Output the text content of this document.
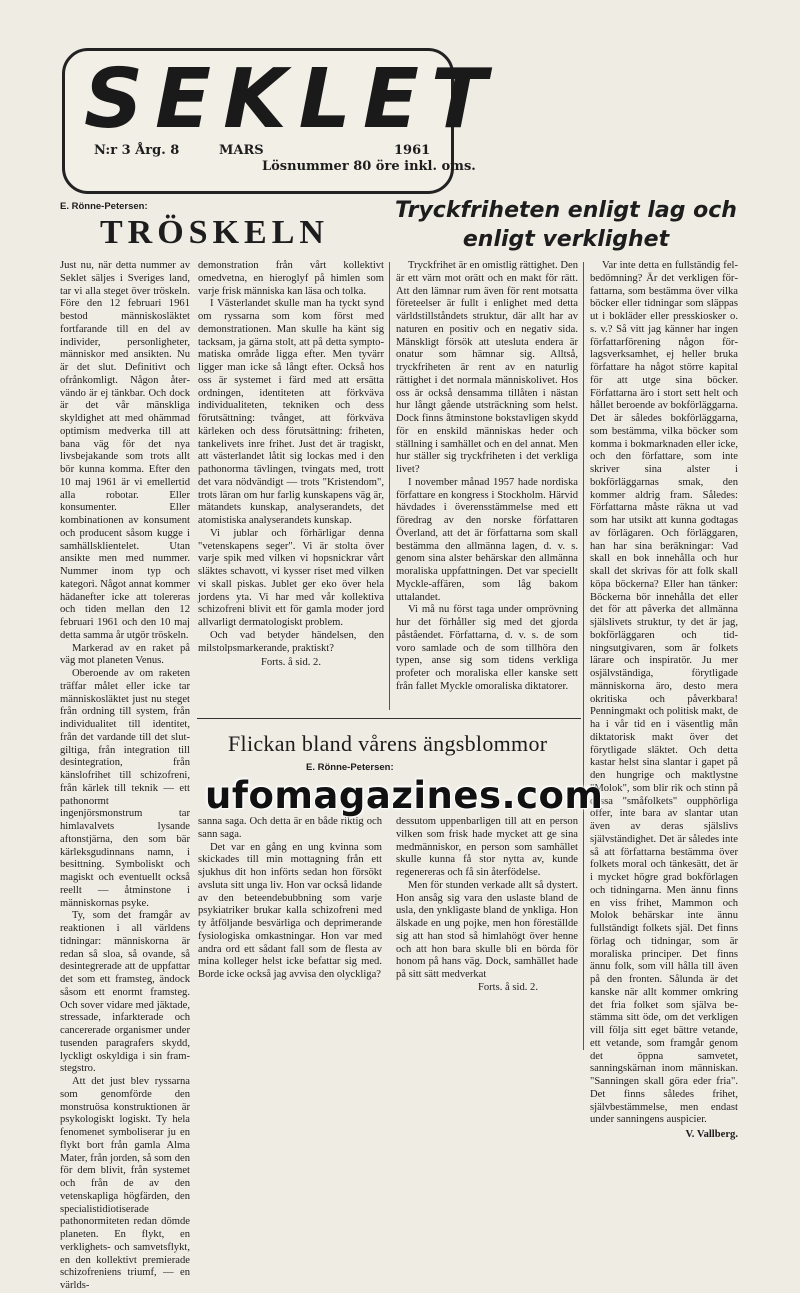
SEKLET
N:r 3 Årg. 8	MARS	1961
Lösnummer 80 öre inkl. oms.
E. Rönne-Petersen:
TRÖSKELN
Tryckfriheten enligt lag och enligt verklighet

Just nu, när detta nummer av Seklet säljes i Sveriges land, tar vi alla steget över tröskeln. Före den 12 februari 1961 bestod människosläktet fortfarande till en del av individer, personligheter, människor med ansikten. Nu är det slut. Definitivt och ofrånkomligt. Någon återvändo är ej tänkbar. Och dock är det vår mänskliga skyldighet att med ohämmad optimism medverka till att bana väg för det nya livsbejakande som trots allt bör kunna komma. Efter den 10 maj 1961 är vi emellertid alla robotar. Eller konsumenter. Eller kombinationen av konsument och producent såsom kugge i samhällsklientelet. Utan ansikte men med nummer. Nummer inom typ och kategori. Något annat kommer hädanefter icke att tolereras och tiden mellan den 12 februari 1961 och den 10 maj detta samma år utgör tröskeln.

Markerad av en raket på väg mot planeten Venus.

Oberoende av om raketen träffar målet eller icke tar människosläktet just nu steget från ordning till system, från individualitet till identitet, från det vardande till det slutgiltiga, från integration till desintegration, från känslofrihet till schizofreni, från kärlek till teknik — ett pathonormt ingenjörsmonstrum tar himlavalvets lysande aftonstjärna, den som bär kärleksgudinnans namn, i besittning. Symboliskt och magiskt och eventuellt också reellt — åtminstone i människornas psyke.

Ty, som det framgår av reaktionen i all världens tidningar: människorna är redan så sloa, så ovande, så desintegrerade att de uppfattar det som ett framsteg, ändock såsom ett enormt framsteg. Och sover vidare med jäktade, stressade, infarkterade och cancererade organismer under tusenden paragrafers skydd, lyckligt oskyldiga i sin framstegstro.

Att det just blev ryssarna som genomförde den monstruösa konstruktionen är psykologiskt logiskt. Ty hela fenomenet symboliserar ju en flykt bort från gamla Alma Mater, från jorden, så som den för dem blivit, från systemet och från de av den vetenskapliga högfärden, den specialistidiotiserade pathonormiteten redan dömde planeten. En flykt, en verklighets- och samvetsflykt, en den kollektivt premierade schizofreniens triumf, — en världs-

demonstration från vårt kollektivt omedvetna, en hieroglyf på himlen som varje frisk människa kan läsa och tolka.

I Västerlandet skulle man ha tyckt synd om ryssarna som kom först med demonstrationen. Man skulle ha känt sig tacksam, ja gärna stolt, att på detta symptomatiska område ligga efter. Men tyvärr ligger man icke så långt efter. Också hos oss är systemet i färd med att ersätta ordningen, identiteten att förkväva individualiteten, tekniken och dess förutsättning: tvånget, att förkväva kärleken och dess förutsättning: friheten, tankelivets inre frihet. Just det är tragiskt, att västerlandet låtit sig lockas med i den pathonorma tävlingen, tvingats med, trott det vara nödvändigt — trots "Kristendom", trots läran om hur farlig kunskapens väg är, mätandets kunskap, analyserandets, det atomistiska analyserandets kunskap.

Vi jublar och förhärligar denna "vetenskapens seger". Vi är stolta över varje spik med vilken vi hopsnickrar vårt släktes schavott, vi kysser riset med vilken vi skall piskas. Jublet ger eko över hela jordens yta. Vi har med vår kollektiva schizofreni blivit ett för gamla moder jord allvarligt dermatologiskt problem.

Och vad betyder händelsen, den milstolpsmarkerande, praktiskt?

Forts. å sid. 2.

Tryckfrihet är en omistlig rättighet. Den är ett värn mot orätt och en makt för rätt. Att den lämnar rum även för rent motsatta företeelser är fullt i enlighet med detta världstillståndets struktur, där allt har av naturen en positiv och en negativ sida. Mänskligt försök att utesluta endera är onatur som hämnar sig. Alltså, tryckfriheten är rent av en naturlig rättighet i det normala människolivet. Hos oss är också densamma tillåten i nästan hur långt gående utsträckning som helst. Dock finns åtminstone bokstavligen skydd för en enskild människas heder och ställning i samhället och en del annat. Men hur ställer sig tryckfriheten i det verkliga livet?

I november månad 1957 hade nordiska författare en kongress i Stockholm. Härvid hävdades i överensstämmelse med ett föredrag av den norske författaren Överland, att det är författarna som skall bestämma den allmänna lagen, d. v. s. genom sina alster behärskar den allmänna moraliska uppfattningen. Det var speciellt Myckle-affären, som låg bakom uttalandet.

Vi må nu först taga under omprövning hur det förhåller sig med det gjorda påståendet. Författarna, d. v. s. de som voro samlade och de som tillhöra den typen, anse sig som tidens verkliga profeter och moraliska eller kanske sett från fallet Myckle omoraliska diktatorer.

Var inte detta en fullständig felbedömning? Är det verkligen författarna, som bestämma över vilka böcker eller tidningar som släppas ut i bokläder eller presskiosker o. s. v.? Så vitt jag känner har ingen författarförening någon förlagsverksamhet, ej heller bruka författare ha något större kapital för att utge sina böcker. Författarna äro i stort sett helt och hållet beroende av bokförläggarna. Det är således bokförläggarna, som bestämma, vilka böcker som komma i bokmarknaden eller icke, och den författare, som inte skriver sina alster i bokförläggarnas smak, den kommer aldrig fram. Således: Författarna måste räkna ut vad som har utsikt att kunna godtagas av förlägaren. Och förläggaren, han har sina beräkningar: Vad skall en bok innehålla och hur skall det skrivas för att folk skall köpa böckerna? Eller han tänker: Böckerna bör innehålla det eller det för att påverka det allmänna själslivets struktur, ty det är jag, bokförläggaren och tidningsutgivaren, som är folkets lärare och inspiratör. Ju mer osjälvständiga, förytligade människorna äro, desto mera okritiska och påverkbara! Penningmakt och politisk makt, de ha i vår tid en i väsentlig mån diktatorisk makt över det förytligade släktet. Och detta kastar helst sina slantar i gapet på den hungrige och maktlystne "Molok", som blir rik och stinn på dessa "småfolkets" oupphörliga offer, inte bara av slantar utan även av deras själslivs självständighet. Det är således inte så att författarna bestämma över folkets moral och tänkesätt, det är i mycket högre grad bokförlagen och tidningarna. Men ännu finns en viss frihet, Mammon och Molok behärskar inte ännu fullständigt folkets själ. Det finns förlag och tidningar, som är moraliska principer. Det finns ännu folk, som vill hålla till även på den fronten. Sålunda är det kanske när allt kommer omkring det fria folket som själva bestämma sitt öde, om det verkligen vill följa sitt eget bättre vetande, ett vetande, som framgår genom det öppna samvetet, sanningskärnan inom människan. "Sanningen skall göra eder fria". Det finns således frihet, självbestämmelse, men endast under sanningens auspicier.

V. Vallberg.
Flickan bland vårens ängsblommor
E. Rönne-Petersen:

sanna saga. Och detta är en både riktig och sann saga.

Det var en gång en ung kvinna som skickades till min mottagning från ett sjukhus dit hon införts sedan hon försökt avsluta sitt unga liv. Hon var också lidande av den beteendebubbning som varje psykiatriker brukar kalla schizofreni med ty åtföljande besvärliga och deprimerande fysiologiska omkastningar. Hon var med andra ord ett sådant fall som de flesta av mina kolleger helst icke befattar sig med. Borde icke också jag avvisa den olyckliga?

dessutom uppenbarligen till att en person vilken som frisk hade mycket att ge sina medmänniskor, en person som samhället skulle kunna få stor nytta av, kunde regenereras och få sin återfödelse.

Men för stunden verkade allt så dystert. Hon ansåg sig vara den uslaste bland de usla, den ynkligaste bland de ynkliga. Hon älskade en ung pojke, men hon föreställde sig att han stod så himlahögt över henne och att hon bara skulle bli en börda för honom på hans väg. Dock, samhället hade på sitt sätt medverkat

Forts. å sid. 2.
ufomagazines.com
